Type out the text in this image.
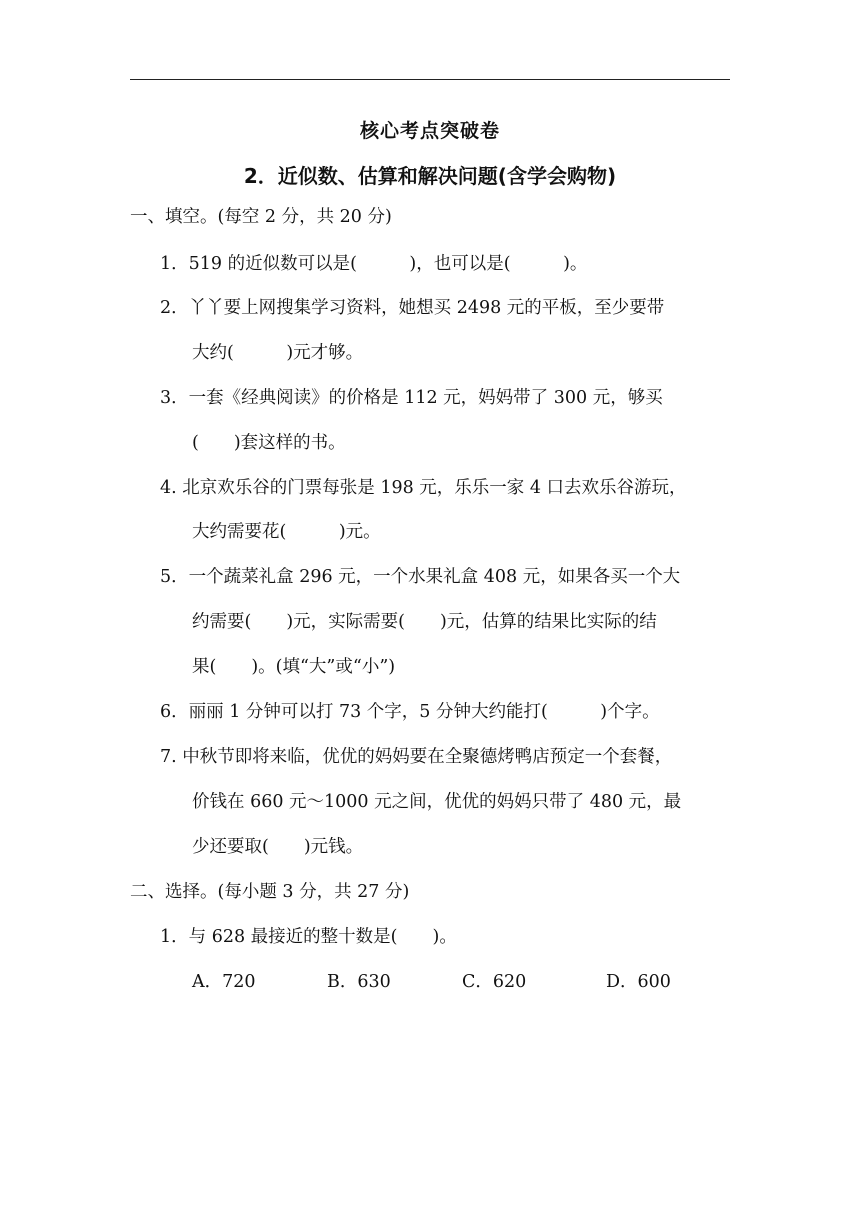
核心考点突破卷
2．近似数、估算和解决问题(含学会购物)
一、填空。(每空 2 分，共 20 分)
1．519 的近似数可以是(　　　)，也可以是(　　　)。
2．丫丫要上网搜集学习资料，她想买 2498 元的平板，至少要带
大约(　　　)元才够。
3．一套《经典阅读》的价格是 112 元，妈妈带了 300 元，够买
(　　)套这样的书。
4. 北京欢乐谷的门票每张是 198 元，乐乐一家 4 口去欢乐谷游玩，
大约需要花(　　　)元。
5．一个蔬菜礼盒 296 元，一个水果礼盒 408 元，如果各买一个大
约需要(　　)元，实际需要(　　)元，估算的结果比实际的结
果(　　)。(填“大”或“小”)
6．丽丽 1 分钟可以打 73 个字，5 分钟大约能打(　　　)个字。
7. 中秋节即将来临，优优的妈妈要在全聚德烤鸭店预定一个套餐，
价钱在 660 元～1000 元之间，优优的妈妈只带了 480 元，最
少还要取(　　)元钱。
二、选择。(每小题 3 分，共 27 分)
1．与 628 最接近的整十数是(　　)。
A．720	B．630	C．620	D．600
